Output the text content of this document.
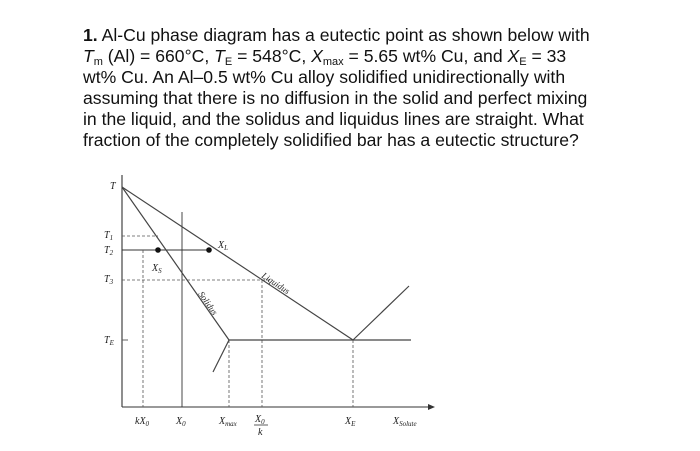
1. Al-Cu phase diagram has a eutectic point as shown below with
$T_m$ (Al) = 660°C, $T_E = 548^\circ C$, $X_{max} = 5.65$ wt% Cu, and $X_E = 33$
wt% Cu. An Al–0.5 wt% Cu alloy solidified unidirectionally with
assuming that there is no diffusion in the solid and perfect mixing
in the liquid, and the solidus and liquidus lines are straight. What
fraction of the completely solidified bar has a eutectic structure?
T
$T_1$
$T_2$
$T_3$
$T_E$
$X_S$
$X_L$
Liquidus
Solidus
$kX_0$	$X_0$	$X_{max}$ $X_0$
k
$X_E$	$X_{Solute}$
